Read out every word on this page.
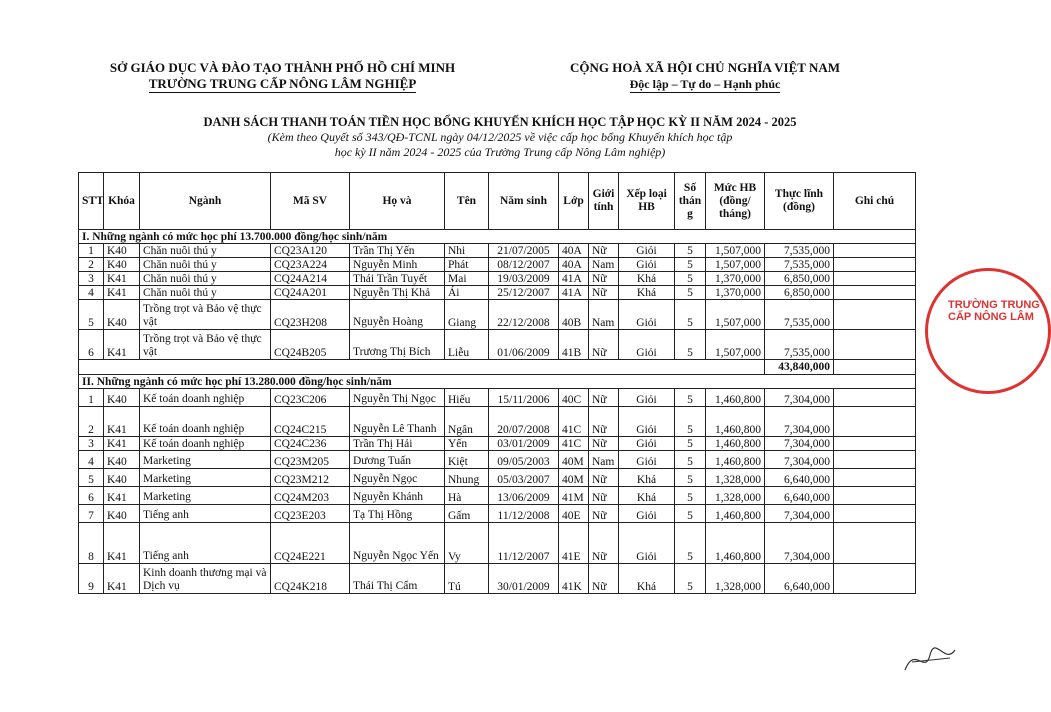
SỞ GIÁO DỤC VÀ ĐÀO TẠO THÀNH PHỐ HỒ CHÍ MINH
TRƯỜNG TRUNG CẤP NÔNG LÂM NGHIỆP
CỘNG HOÀ XÃ HỘI CHỦ NGHĨA VIỆT NAM
Độc lập – Tự do – Hạnh phúc
DANH SÁCH THANH TOÁN TIỀN HỌC BỔNG KHUYẾN KHÍCH HỌC TẬP HỌC KỲ II NĂM 2024 - 2025
(Kèm theo Quyết số 343/QĐ-TCNL ngày 04/12/2025 về việc cấp học bổng Khuyến khích học tập
học kỳ II năm 2024 - 2025 của Trường Trung cấp Nông Lâm nghiệp)
STT	Khóa	Ngành	Mã SV	Họ và	Tên	Năm sinh	Lớp	Giới tính	Xếp loại HB	Số thán g	Mức HB (đồng/ tháng)	Thực lĩnh (đồng)	Ghi chú
I. Những ngành có mức học phí 13.700.000 đồng/học sinh/năm													
1	K40	Chăn nuôi thú y	CQ23A120	Trần Thị Yến	Nhi	21/07/2005	40A	Nữ	Giỏi	5	1,507,000	7,535,000	
2	K40	Chăn nuôi thú y	CQ23A224	Nguyễn Minh	Phát	08/12/2007	40A	Nam	Giỏi	5	1,507,000	7,535,000	
3	K41	Chăn nuôi thú y	CQ24A214	Thái Trần Tuyết	Mai	19/03/2009	41A	Nữ	Khá	5	1,370,000	6,850,000	
4	K41	Chăn nuôi thú y	CQ24A201	Nguyễn Thị Khả	Ái	25/12/2007	41A	Nữ	Khá	5	1,370,000	6,850,000	
5	K40	Trồng trọt và Bảo vệ thực vật	CQ23H208	Nguyễn Hoàng	Giang	22/12/2008	40B	Nam	Giỏi	5	1,507,000	7,535,000	
6	K41	Trồng trọt và Bảo vệ thực vật	CQ24B205	Trương Thị Bích	Liễu	01/06/2009	41B	Nữ	Giỏi	5	1,507,000	7,535,000	
												43,840,000	
II. Những ngành có mức học phí 13.280.000 đồng/học sinh/năm													
1	K40	Kế toán doanh nghiệp	CQ23C206	Nguyễn Thị Ngọc	Hiếu	15/11/2006	40C	Nữ	Giỏi	5	1,460,800	7,304,000	
2	K41	Kế toán doanh nghiệp	CQ24C215	Nguyễn Lê Thanh	Ngân	20/07/2008	41C	Nữ	Giỏi	5	1,460,800	7,304,000	
3	K41	Kế toán doanh nghiệp	CQ24C236	Trần Thị Hải	Yến	03/01/2009	41C	Nữ	Giỏi	5	1,460,800	7,304,000	
4	K40	Marketing	CQ23M205	Dương Tuấn	Kiệt	09/05/2003	40M	Nam	Giỏi	5	1,460,800	7,304,000	
5	K40	Marketing	CQ23M212	Nguyễn Ngọc	Nhung	05/03/2007	40M	Nữ	Khá	5	1,328,000	6,640,000	
6	K41	Marketing	CQ24M203	Nguyễn Khánh	Hà	13/06/2009	41M	Nữ	Khá	5	1,328,000	6,640,000	
7	K40	Tiếng anh	CQ23E203	Tạ Thị Hồng	Gấm	11/12/2008	40E	Nữ	Giỏi	5	1,460,800	7,304,000	
8	K41	Tiếng anh	CQ24E221	Nguyễn Ngọc Yến	Vy	11/12/2007	41E	Nữ	Giỏi	5	1,460,800	7,304,000	
9	K41	Kinh doanh thương mại và Dịch vụ	CQ24K218	Thái Thị Cẩm	Tú	30/01/2009	41K	Nữ	Khá	5	1,328,000	6,640,000	
TRƯỜNG TRUNG CẤP NÔNG LÂM
